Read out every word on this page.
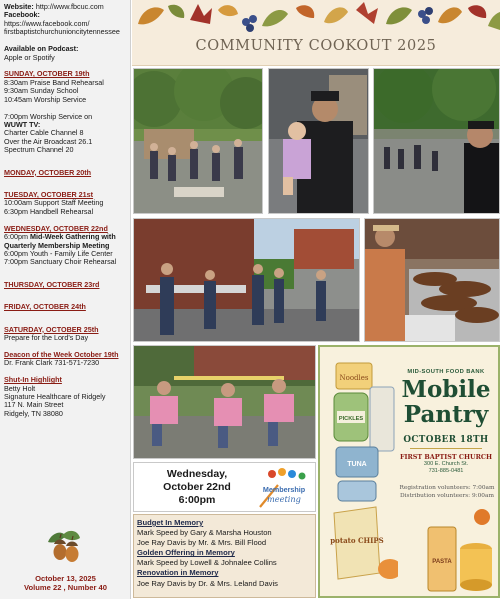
Website: http://www.fbcuc.com
Facebook:
https://www.facebook.com/
firstbaptistchurchunioncitytennessee
Available on Podcast:
Apple or Spotify
SUNDAY, OCTOBER 19th
8:30am Praise Band Rehearsal
9:30am Sunday School
10:45am Worship Service
7:00pm Worship Service on
WUWT TV:
Charter Cable Channel 8
Over the Air Broadcast 26.1
Spectrum Channel 20
MONDAY, OCTOBER 20th
TUESDAY, OCTOBER 21st
10:00am Support Staff Meeting
6:30pm Handbell Rehearsal
WEDNESDAY, OCTOBER 22nd
6:00pm Mid-Week Gathering with
Quarterly Membership Meeting
6:00pm Youth - Family Life Center
7:00pm Sanctuary Choir Rehearsal
THURSDAY, OCTOBER 23rd
FRIDAY, OCTOBER 24th
SATURDAY, OCTOBER 25th
Prepare for the Lord's Day
Deacon of the Week October 19th
Dr. Frank Clark 731-571-7230
Shut-In Highlight
Betty Holt
Signature Healthcare of Ridgely
117 N. Main Street
Ridgely, TN 38080
October 13, 2025
Volume 22 , Number 40
COMMUNITY COOKOUT 2025
Wednesday,
October 22nd
6:00pm
Membership
meeting
Budget In Memory
Mark Speed by Gary & Marsha Houston
Joe Ray Davis by Mr. & Mrs. Bill Flood
Golden Offering in Memory
Mark Speed by Lowell & Johnalee Collins
Renovation in Memory
Joe Ray Davis by Dr. & Mrs. Leland Davis
Noodles
PICKLES
TUNA
potato CHIPS
MID-SOUTH FOOD BANK
Mobile
Pantry
OCTOBER 18TH
FIRST BAPTIST CHURCH
300 E. Church St.
731-885-0481
Registration volunteers: 7:00am
Distribution volunteers: 9:00am
PASTA
